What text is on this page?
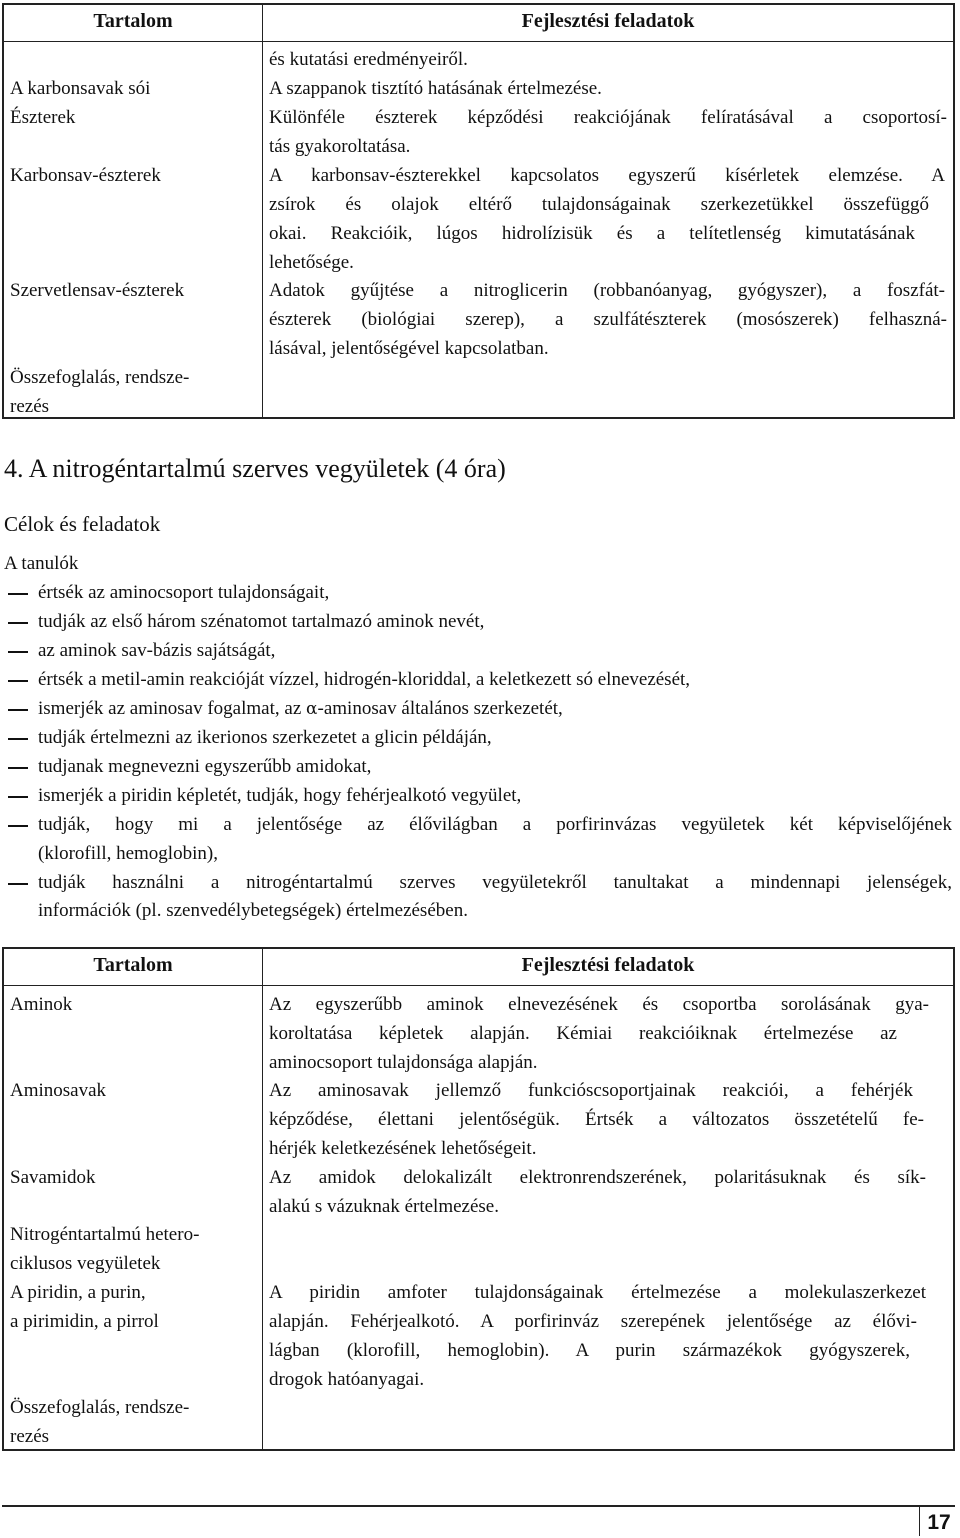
Tartalom	Fejlesztési feladatok
A karbonsavak sói
Észterek
Karbonsav-észterek
Szervetlensav-észterek
Összefoglalás, rendsze-
rezés
és kutatási eredményeiről.
A szappanok tisztító hatásának értelmezése.
Különféle észterek képződési reakciójának felíratásával a csoportosí-
tás gyakoroltatása.
A karbonsav-észterekkel kapcsolatos egyszerű kísérletek elemzése. A
zsírok és olajok eltérő tulajdonságainak szerkezetükkel összefüggő
okai. Reakcióik, lúgos hidrolízisük és a telítetlenség kimutatásának
lehetősége.
Adatok gyűjtése a nitroglicerin (robbanóanyag, gyógyszer), a foszfát-
észterek (biológiai szerep), a szulfátészterek (mosószerek) felhaszná-
lásával, jelentőségével kapcsolatban.
4. A nitrogéntartalmú szerves vegyületek (4 óra)
Célok és feladatok
A tanulók
értsék az aminocsoport tulajdonságait,
tudják az első három szénatomot tartalmazó aminok nevét,
az aminok sav-bázis sajátságát,
értsék a metil-amin reakcióját vízzel, hidrogén-kloriddal, a keletkezett só elnevezését,
ismerjék az aminosav fogalmat, az α-aminosav általános szerkezetét,
tudják értelmezni az ikerionos szerkezetet a glicin példáján,
tudjanak megnevezni egyszerűbb amidokat,
ismerjék a piridin képletét, tudják, hogy fehérjealkotó vegyület,
tudják, hogy mi a jelentősége az élővilágban a porfirinvázas vegyületek két képviselőjének
(klorofill, hemoglobin),
tudják használni a nitrogéntartalmú szerves vegyületekről tanultakat a mindennapi jelenségek,
információk (pl. szenvedélybetegségek) értelmezésében.
Tartalom	Fejlesztési feladatok
Aminok
Aminosavak
Savamidok
Nitrogéntartalmú hetero-
ciklusos vegyületek
A piridin, a purin,
a pirimidin, a pirrol
Összefoglalás, rendsze-
rezés
Az egyszerűbb aminok elnevezésének és csoportba sorolásának gya-
koroltatása képletek alapján. Kémiai reakcióiknak értelmezése az
aminocsoport tulajdonsága alapján.
Az aminosavak jellemző funkcióscsoportjainak reakciói, a fehérjék
képződése, élettani jelentőségük. Értsék a változatos összetételű fe-
hérjék keletkezésének lehetőségeit.
Az amidok delokalizált elektronrendszerének, polaritásuknak és sík-
alakú s vázuknak értelmezése.
A piridin amfoter tulajdonságainak értelmezése a molekulaszerkezet
alapján. Fehérjealkotó. A porfirinváz szerepének jelentősége az élővi-
lágban (klorofill, hemoglobin). A purin származékok gyógyszerek,
drogok hatóanyagai.
17
